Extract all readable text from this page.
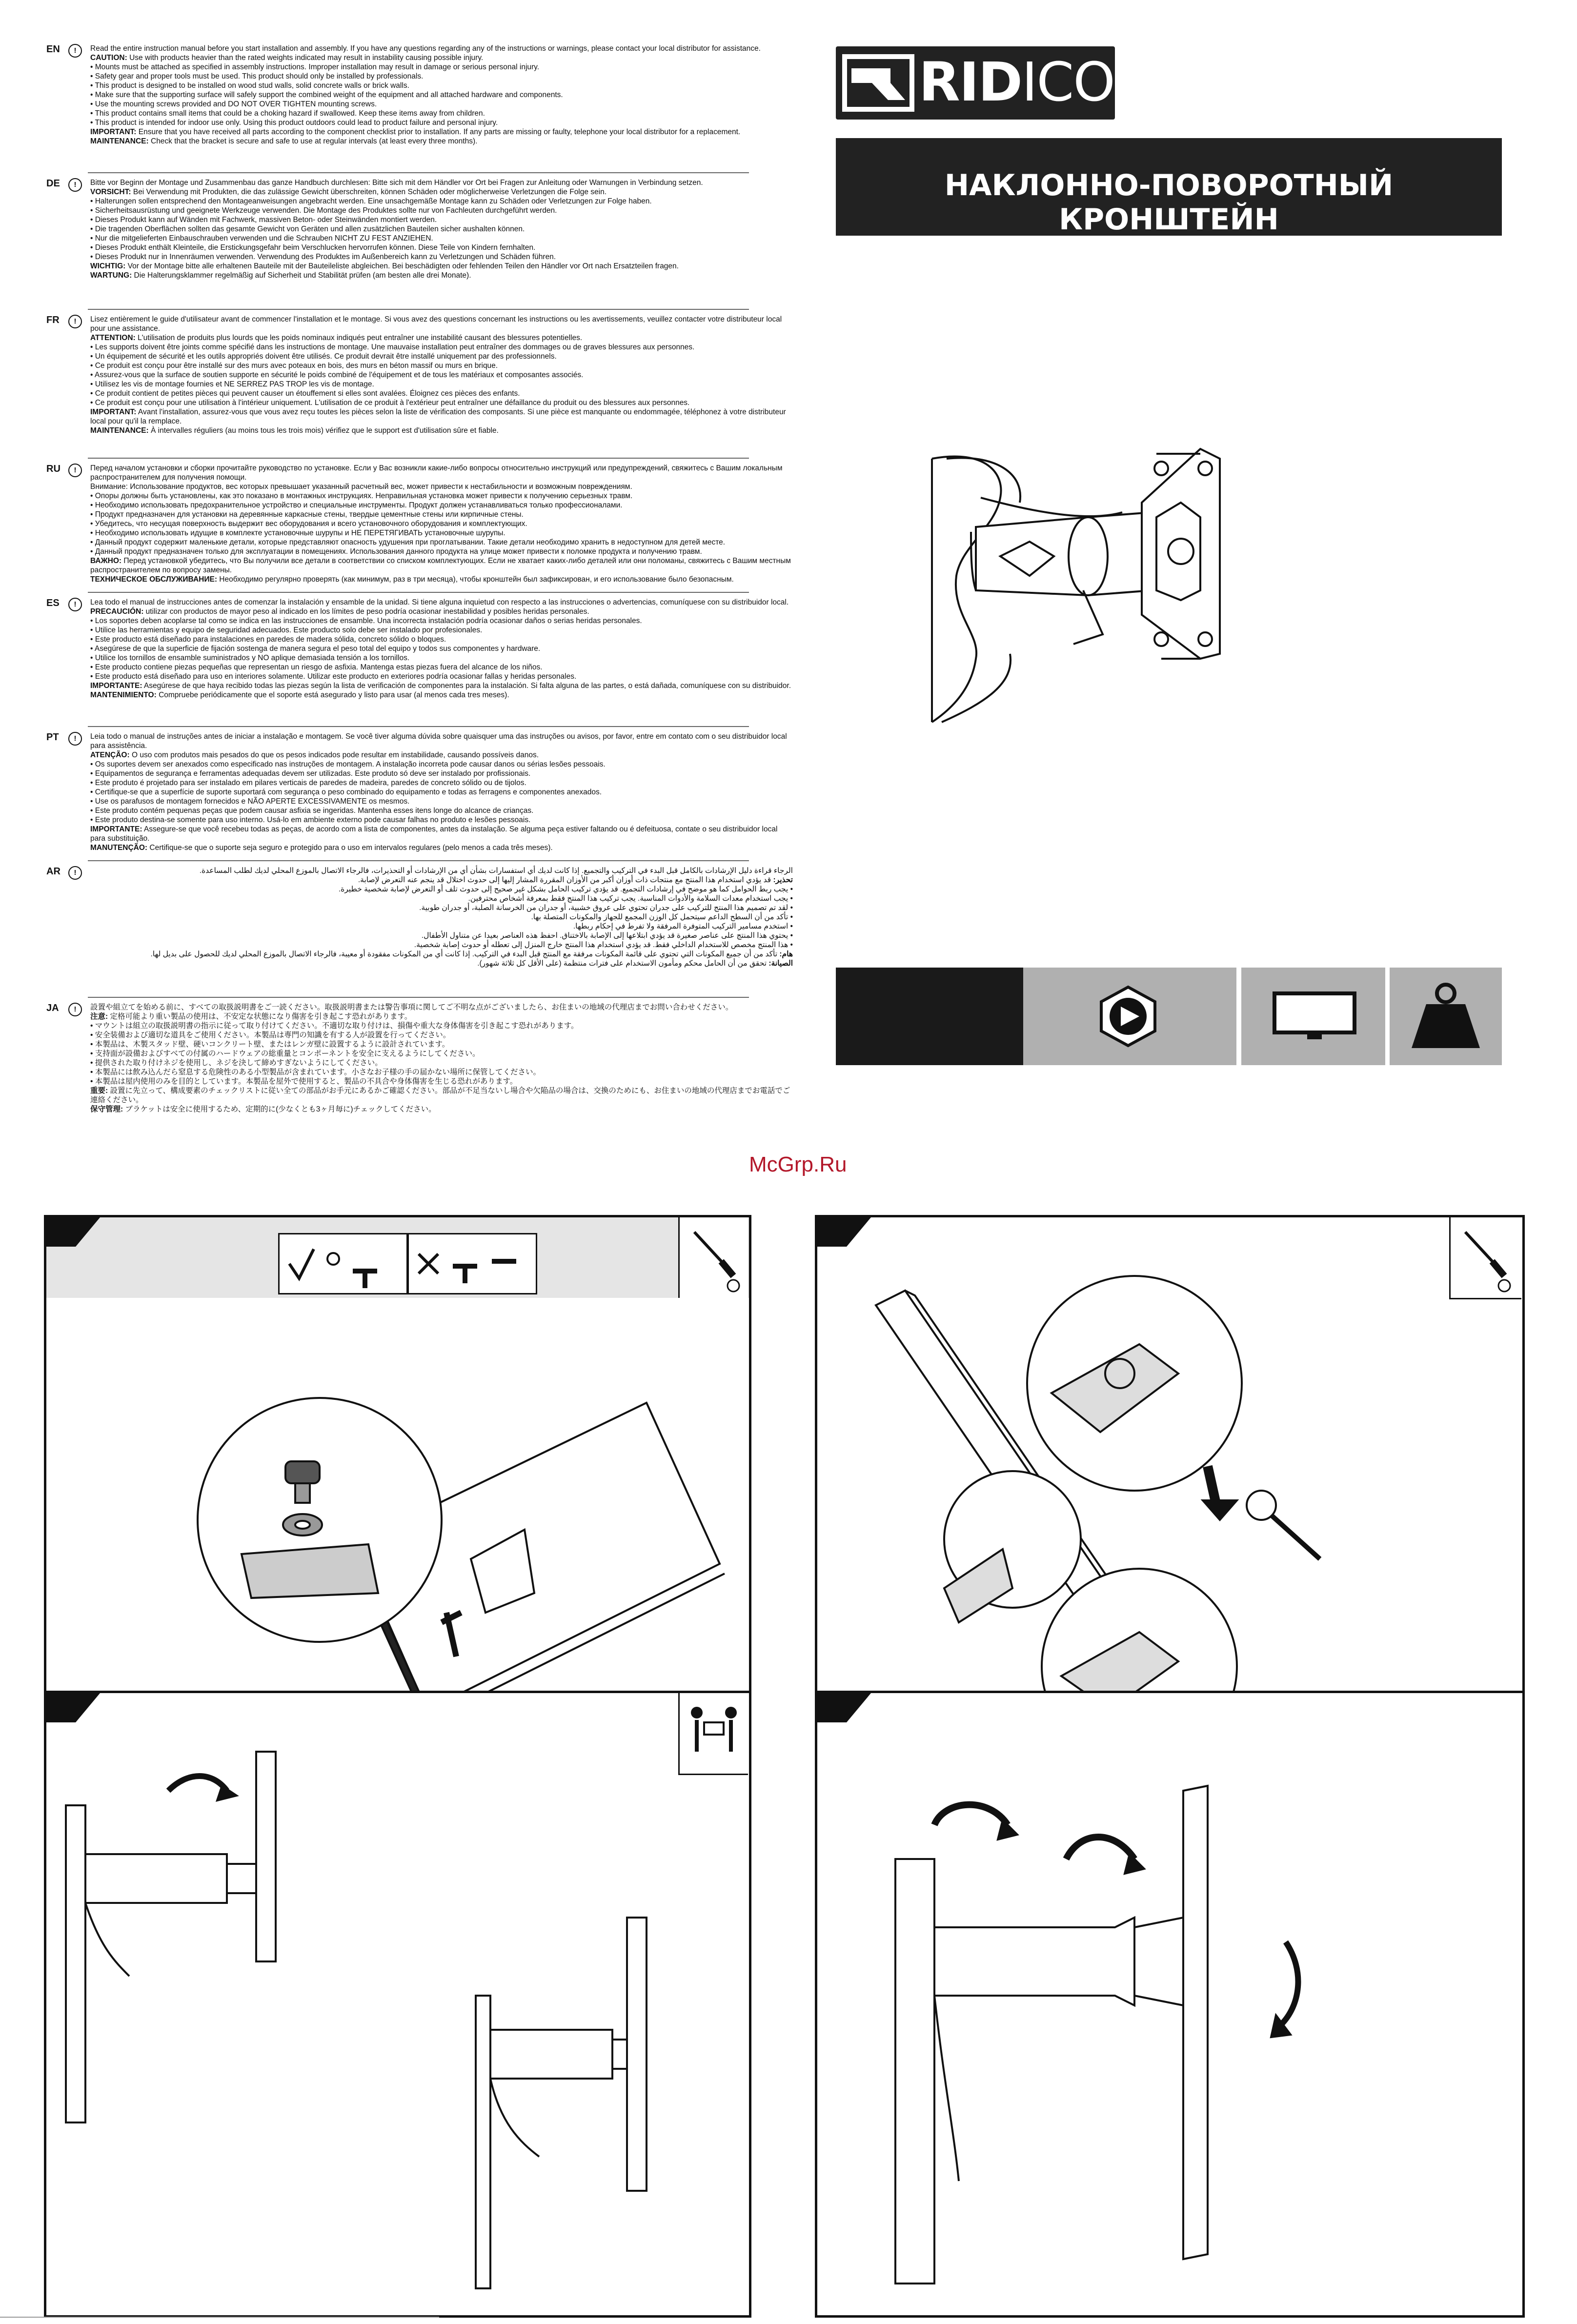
EN	!	Read the entire instruction manual before you start installation and assembly. If you have any questions regarding any of the instructions or warnings, please contact your local distributor for assistance.

CAUTION: Use with products heavier than the rated weights indicated may result in instability causing possible injury.

• Mounts must be attached as specified in assembly instructions. Improper installation may result in damage or serious personal injury.

• Safety gear and proper tools must be used. This product should only be installed by professionals.

• This product is designed to be installed on wood stud walls, solid concrete walls or brick walls.

• Make sure that the supporting surface will safely support the combined weight of the equipment and all attached hardware and components.

• Use the mounting screws provided and DO NOT OVER TIGHTEN mounting screws.

• This product contains small items that could be a choking hazard if swallowed. Keep these items away from children.

• This product is intended for indoor use only. Using this product outdoors could lead to product failure and personal injury.

IMPORTANT: Ensure that you have received all parts according to the component checklist prior to installation. If any parts are missing or faulty, telephone your local distributor for a replacement.

MAINTENANCE: Check that the bracket is secure and safe to use at regular intervals (at least every three months).

DE	!	Bitte vor Beginn der Montage und Zusammenbau das ganze Handbuch durchlesen: Bitte sich mit dem Händler vor Ort bei Fragen zur Anleitung oder Warnungen in Verbindung setzen.

VORSICHT: Bei Verwendung mit Produkten, die das zulässige Gewicht überschreiten, können Schäden oder möglicherweise Verletzungen die Folge sein.

• Halterungen sollen entsprechend den Montageanweisungen angebracht werden. Eine unsachgemäße Montage kann zu Schäden oder Verletzungen zur Folge haben.

• Sicherheitsausrüstung und geeignete Werkzeuge verwenden. Die Montage des Produktes sollte nur von Fachleuten durchgeführt werden.

• Dieses Produkt kann auf Wänden mit Fachwerk, massiven Beton- oder Steinwänden montiert werden.

• Die tragenden Oberflächen sollten das gesamte Gewicht von Geräten und allen zusätzlichen Bauteilen sicher aushalten können.

• Nur die mitgelieferten Einbauschrauben verwenden und die Schrauben NICHT ZU FEST ANZIEHEN.

• Dieses Produkt enthält Kleinteile, die Erstickungsgefahr beim Verschlucken hervorrufen können. Diese Teile von Kindern fernhalten.

• Dieses Produkt nur in Innenräumen verwenden. Verwendung des Produktes im Außenbereich kann zu Verletzungen und Schäden führen.

WICHTIG: Vor der Montage bitte alle erhaltenen Bauteile mit der Bauteileliste abgleichen. Bei beschädigten oder fehlenden Teilen den Händler vor Ort nach Ersatzteilen fragen.

WARTUNG: Die Halterungsklammer regelmäßig auf Sicherheit und Stabilität prüfen (am besten alle drei Monate).

FR	!	Lisez entièrement le guide d'utilisateur avant de commencer l'installation et le montage. Si vous avez des questions concernant les instructions ou les avertissements, veuillez contacter votre distributeur local pour une assistance.

ATTENTION: L'utilisation de produits plus lourds que les poids nominaux indiqués peut entraîner une instabilité causant des blessures potentielles.

• Les supports doivent être joints comme spécifié dans les instructions de montage. Une mauvaise installation peut entraîner des dommages ou de graves blessures aux personnes.

• Un équipement de sécurité et les outils appropriés doivent être utilisés. Ce produit devrait être installé uniquement par des professionnels.

• Ce produit est conçu pour être installé sur des murs avec poteaux en bois, des murs en béton massif ou murs en brique.

• Assurez-vous que la surface de soutien supporte en sécurité le poids combiné de l'équipement et de tous les matériaux et composantes associés.

• Utilisez les vis de montage fournies et NE SERREZ PAS TROP les vis de montage.

• Ce produit contient de petites pièces qui peuvent causer un étouffement si elles sont avalées. Éloignez ces pièces des enfants.

• Ce produit est conçu pour une utilisation à l'intérieur uniquement. L'utilisation de ce produit à l'extérieur peut entraîner une défaillance du produit ou des blessures aux personnes.

IMPORTANT: Avant l'installation, assurez-vous que vous avez reçu toutes les pièces selon la liste de vérification des composants. Si une pièce est manquante ou endommagée, téléphonez à votre distributeur local pour qu'il la remplace.

MAINTENANCE: À intervalles réguliers (au moins tous les trois mois) vérifiez que le support est d'utilisation sûre et fiable.

RU	!	Перед началом установки и сборки прочитайте руководство по установке. Если у Вас возникли какие-либо вопросы относительно инструкций или предупреждений, свяжитесь с Вашим локальным распространителем для получения помощи.

Внимание: Использование продуктов, вес которых превышает указанный расчетный вес, может привести к нестабильности и возможным повреждениям.

• Опоры должны быть установлены, как это показано в монтажных инструкциях. Неправильная установка может привести к получению серьезных травм.

• Необходимо использовать предохранительное устройство и специальные инструменты. Продукт должен устанавливаться только профессионалами.

• Продукт предназначен для установки на деревянные каркасные стены, твердые цементные стены или кирпичные стены.

• Убедитесь, что несущая поверхность выдержит вес оборудования и всего установочного оборудования и комплектующих.

• Необходимо использовать идущие в комплекте установочные шурупы и НЕ ПЕРЕТЯГИВАТЬ установочные шурупы.

• Данный продукт содержит маленькие детали, которые представляют опасность удушения при проглатывании. Такие детали необходимо хранить в недоступном для детей месте.

• Данный продукт предназначен только для эксплуатации в помещениях. Использования данного продукта на улице может привести к поломке продукта и получению травм.

ВАЖНО: Перед установкой убедитесь, что Вы получили все детали в соответствии со списком комплектующих. Если не хватает каких-либо деталей или они поломаны, свяжитесь с Вашим местным распространителем по вопросу замены.

ТЕХНИЧЕСКОЕ ОБСЛУЖИВАНИЕ: Необходимо регулярно проверять (как минимум, раз в три месяца), чтобы кронштейн был зафиксирован, и его использование было безопасным.

ES	!	Lea todo el manual de instrucciones antes de comenzar la instalación y ensamble de la unidad. Si tiene alguna inquietud con respecto a las instrucciones o advertencias, comuníquese con su distribuidor local.

PRECAUCIÓN: utilizar con productos de mayor peso al indicado en los límites de peso podría ocasionar inestabilidad y posibles heridas personales.

• Los soportes deben acoplarse tal como se indica en las instrucciones de ensamble. Una incorrecta instalación podría ocasionar daños o serias heridas personales.

• Utilice las herramientas y equipo de seguridad adecuados. Este producto solo debe ser instalado por profesionales.

• Este producto está diseñado para instalaciones en paredes de madera sólida, concreto sólido o bloques.

• Asegúrese de que la superficie de fijación sostenga de manera segura el peso total del equipo y todos sus componentes y hardware.

• Utilice los tornillos de ensamble suministrados y NO aplique demasiada tensión a los tornillos.

• Este producto contiene piezas pequeñas que representan un riesgo de asfixia. Mantenga estas piezas fuera del alcance de los niños.

• Este producto está diseñado para uso en interiores solamente. Utilizar este producto en exteriores podría ocasionar fallas y heridas personales.

IMPORTANTE: Asegúrese de que haya recibido todas las piezas según la lista de verificación de componentes para la instalación. Si falta alguna de las partes, o está dañada, comuníquese con su distribuidor.

MANTENIMIENTO: Compruebe periódicamente que el soporte está asegurado y listo para usar (al menos cada tres meses).

PT	!	Leia todo o manual de instruções antes de iniciar a instalação e montagem. Se você tiver alguma dúvida sobre quaisquer uma das instruções ou avisos, por favor, entre em contato com o seu distribuidor local para assistência.

ATENÇÃO: O uso com produtos mais pesados do que os pesos indicados pode resultar em instabilidade, causando possíveis danos.

• Os suportes devem ser anexados como especificado nas instruções de montagem. A instalação incorreta pode causar danos ou sérias lesões pessoais.

• Equipamentos de segurança e ferramentas adequadas devem ser utilizadas. Este produto só deve ser instalado por profissionais.

• Este produto é projetado para ser instalado em pilares verticais de paredes de madeira, paredes de concreto sólido ou de tijolos.

• Certifique-se que a superfície de suporte suportará com segurança o peso combinado do equipamento e todas as ferragens e componentes anexados.

• Use os parafusos de montagem fornecidos e NÃO APERTE EXCESSIVAMENTE os mesmos.

• Este produto contém pequenas peças que podem causar asfixia se ingeridas. Mantenha esses itens longe do alcance de crianças.

• Este produto destina-se somente para uso interno. Usá-lo em ambiente externo pode causar falhas no produto e lesões pessoais.

IMPORTANTE: Assegure-se que você recebeu todas as peças, de acordo com a lista de componentes, antes da instalação. Se alguma peça estiver faltando ou é defeituosa, contate o seu distribuidor local para substituição.

MANUTENÇÃO: Certifique-se que o suporte seja seguro e protegido para o uso em intervalos regulares (pelo menos a cada três meses).

AR	!	الرجاء قراءة دليل الإرشادات بالكامل قبل البدء في التركيب والتجميع. إذا كانت لديك أي استفسارات بشأن أي من الإرشادات أو التحذيرات، فالرجاء الاتصال بالموزع المحلي لديك لطلب المساعدة.

تحذير: قد يؤدي استخدام هذا المنتج مع منتجات ذات أوزان أكبر من الأوزان المقررة المشار إليها إلى حدوث اختلال قد ينجم عنه التعرض لإصابة.

• يجب ربط الحوامل كما هو موضح في إرشادات التجميع. قد يؤدي تركيب الحامل بشكل غير صحيح إلى حدوث تلف أو التعرض لإصابة شخصية خطيرة.

• يجب استخدام معدات السلامة والأدوات المناسبة. يجب تركيب هذا المنتج فقط بمعرفة أشخاص محترفين.

• لقد تم تصميم هذا المنتج للتركيب على جدران تحتوي على عروق خشبية، أو جدران من الخرسانة الصلبة، أو جدران طوبية.

• تأكد من أن السطح الداعم سيتحمل كل الوزن المجمع للجهاز والمكونات المتصلة بها.

• استخدم مسامير التركيب المتوفرة المرفقة ولا تفرط في إحكام ربطها.

• يحتوي هذا المنتج على عناصر صغيرة قد يؤدي ابتلاعها إلى الإصابة بالاختناق. احفظ هذه العناصر بعيدا عن متناول الأطفال.

• هذا المنتج مخصص للاستخدام الداخلي فقط. قد يؤدي استخدام هذا المنتج خارج المنزل إلى تعطله أو حدوث إصابة شخصية.

هام: تأكد من أن جميع المكونات التي تحتوي على قائمة المكونات مرفقة مع المنتج قبل البدء في التركيب. إذا كانت أي من المكونات مفقودة أو معيبة، فالرجاء الاتصال بالموزع المحلي لديك للحصول على بديل لها.

الصيانة: تحقق من أن الحامل محكم ومأمون الاستخدام على فترات منتظمة (على الأقل كل ثلاثة شهور).

JA	!	設置や組立てを始める前に、すべての取扱説明書をご一読ください。取扱説明書または警告事項に関してご不明な点がございましたら、お住まいの地域の代理店までお問い合わせください。

注意: 定格可能より重い製品の使用は、不安定な状態になり傷害を引き起こす恐れがあります。

• マウントは組立の取扱説明書の指示に従って取り付けてください。不適切な取り付けは、損傷や重大な身体傷害を引き起こす恐れがあります。

• 安全装備および適切な道具をご使用ください。本製品は専門の知識を有する人が設置を行ってください。

• 本製品は、木製スタッド壁、硬いコンクリート壁、またはレンガ壁に設置するように設計されています。

• 支持面が設備およびすべての付属のハードウェアの総重量とコンポーネントを安全に支えるようにしてください。

• 提供された取り付けネジを使用し、ネジを決して締めすぎないようにしてください。

• 本製品には飲み込んだら窒息する危険性のある小型製品が含まれています。小さなお子様の手の届かない場所に保管してください。

• 本製品は屋内使用のみを目的としています。本製品を屋外で使用すると、製品の不具合や身体傷害を生じる恐れがあります。

重要: 設置に先立って、構成要素のチェックリストに従い全ての部品がお手元にあるかご確認ください。部品が不足当ないし場合や欠陥品の場合は、交換のためにも、お住まいの地域の代理店までお電話でご連絡ください。

保守管理: ブラケットは安全に使用するため、定期的に(少なくとも3ヶ月毎に)チェックしてください。

RIDICON
НАКЛОННО-ПОВОРОТНЫЙ КРОНШТЕЙН
McGrp.Ru
